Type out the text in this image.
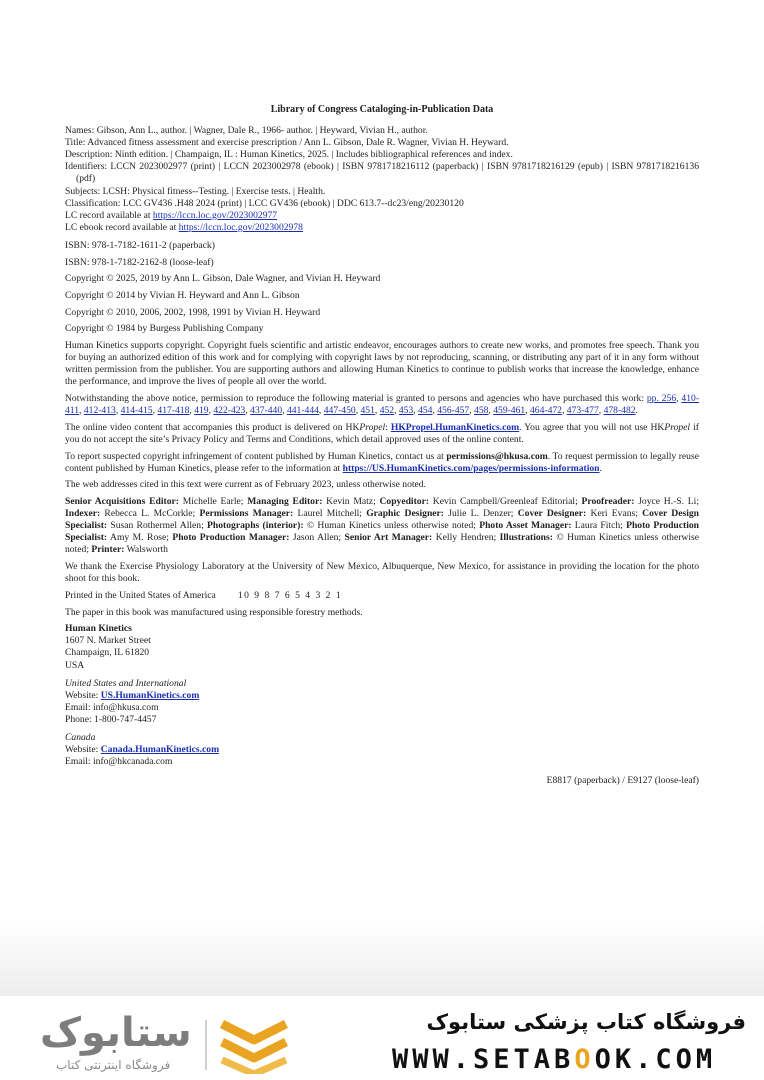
Library of Congress Cataloging-in-Publication Data

Names: Gibson, Ann L., author. | Wagner, Dale R., 1966- author. | Heyward, Vivian H., author.

Title: Advanced fitness assessment and exercise prescription / Ann L. Gibson, Dale R. Wagner, Vivian H. Heyward.

Description: Ninth edition. | Champaign, IL : Human Kinetics, 2025. | Includes bibliographical references and index.

Identifiers: LCCN 2023002977 (print) | LCCN 2023002978 (ebook) | ISBN 9781718216112 (paperback) | ISBN 9781718216129 (epub) | ISBN 9781718216136 (pdf)

Subjects: LCSH: Physical fitness--Testing. | Exercise tests. | Health.

Classification: LCC GV436 .H48 2024 (print) | LCC GV436 (ebook) | DDC 613.7--dc23/eng/20230120

LC record available at https://lccn.loc.gov/2023002977

LC ebook record available at https://lccn.loc.gov/2023002978

ISBN: 978-1-7182-1611-2 (paperback)

ISBN: 978-1-7182-2162-8 (loose-leaf)

Copyright © 2025, 2019 by Ann L. Gibson, Dale Wagner, and Vivian H. Heyward

Copyright © 2014 by Vivian H. Heyward and Ann L. Gibson

Copyright © 2010, 2006, 2002, 1998, 1991 by Vivian H. Heyward

Copyright © 1984 by Burgess Publishing Company

Human Kinetics supports copyright. Copyright fuels scientific and artistic endeavor, encourages authors to create new works, and promotes free speech. Thank you for buying an authorized edition of this work and for complying with copyright laws by not reproducing, scanning, or distributing any part of it in any form without written permission from the publisher. You are supporting authors and allowing Human Kinetics to continue to publish works that increase the knowledge, enhance the performance, and improve the lives of people all over the world.

Notwithstanding the above notice, permission to reproduce the following material is granted to persons and agencies who have purchased this work: pp. 256, 410-411, 412-413, 414-415, 417-418, 419, 422-423, 437-440, 441-444, 447-450, 451, 452, 453, 454, 456-457, 458, 459-461, 464-472, 473-477, 478-482.

The online video content that accompanies this product is delivered on HKPropel: HKPropel.HumanKinetics.com. You agree that you will not use HKPropel if you do not accept the site’s Privacy Policy and Terms and Conditions, which detail approved uses of the online content.

To report suspected copyright infringement of content published by Human Kinetics, contact us at permissions@hkusa.com. To request permission to legally reuse content published by Human Kinetics, please refer to the information at https://US.HumanKinetics.com/pages/permissions-information.

The web addresses cited in this text were current as of February 2023, unless otherwise noted.

Senior Acquisitions Editor: Michelle Earle; Managing Editor: Kevin Matz; Copyeditor: Kevin Campbell/Greenleaf Editorial; Proofreader: Joyce H.-S. Li; Indexer: Rebecca L. McCorkle; Permissions Manager: Laurel Mitchell; Graphic Designer: Julie L. Denzer; Cover Designer: Keri Evans; Cover Design Specialist: Susan Rothermel Allen; Photographs (interior): © Human Kinetics unless otherwise noted; Photo Asset Manager: Laura Fitch; Photo Production Specialist: Amy M. Rose; Photo Production Manager: Jason Allen; Senior Art Manager: Kelly Hendren; Illustrations: © Human Kinetics unless otherwise noted; Printer: Walsworth

We thank the Exercise Physiology Laboratory at the University of New Mexico, Albuquerque, New Mexico, for assistance in providing the location for the photo shoot for this book.

Printed in the United States of America 10 9 8 7 6 5 4 3 2 1

The paper in this book was manufactured using responsible forestry methods.

Human Kinetics
1607 N. Market Street
Champaign, IL 61820
USA
United States and International
Website: US.HumanKinetics.com
Email: info@hkusa.com
Phone: 1-800-747-4457
Canada
Website: Canada.HumanKinetics.com
Email: info@hkcanada.com
E8817 (paperback) / E9127 (loose-leaf)
ستابوک
فروشگاه اینترنتی کتاب
فروشگاه کتاب پزشکی ستابوک
WWW.SETABOOK.COM
